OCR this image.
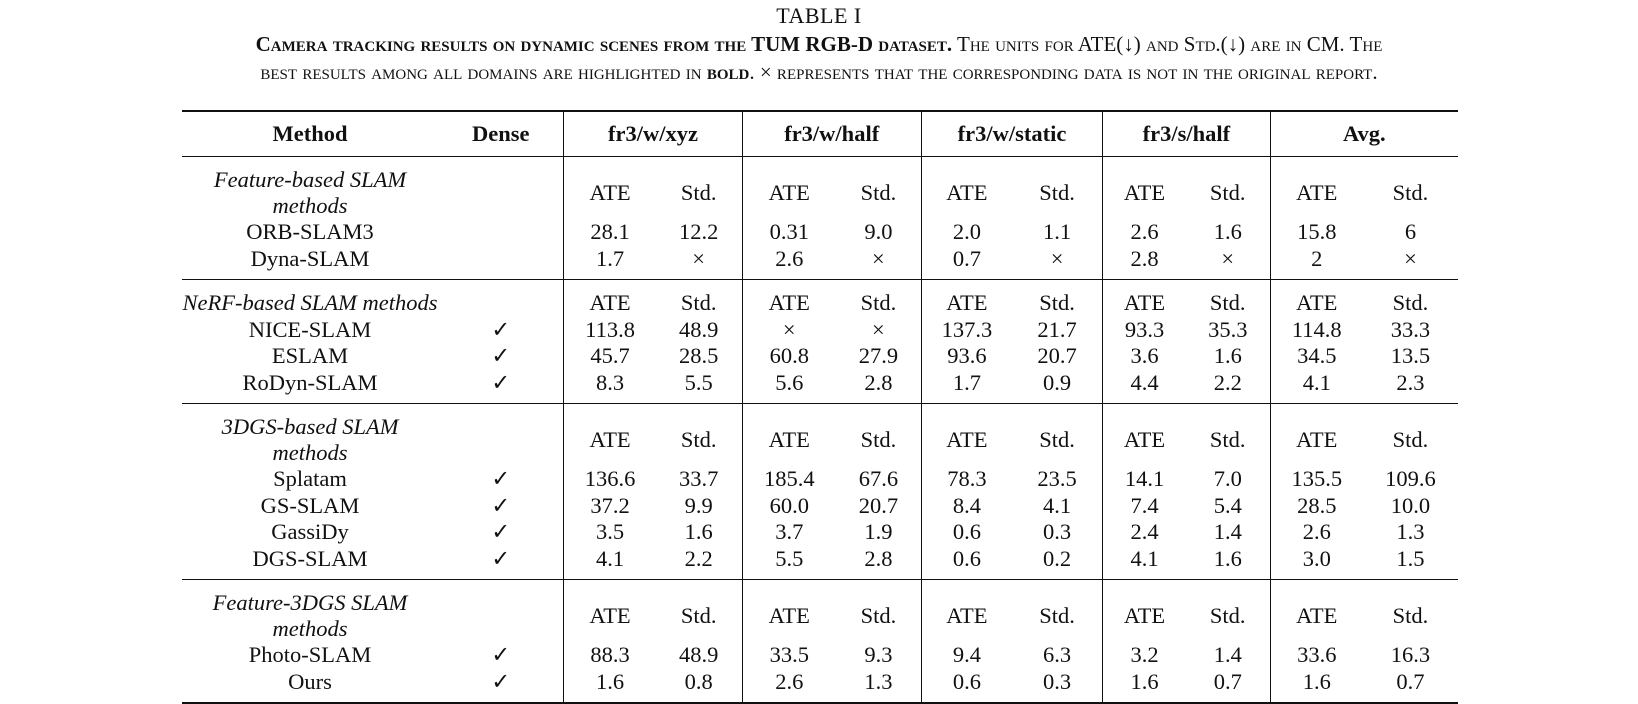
TABLE I
Camera tracking results on dynamic scenes from the TUM RGB-D dataset. The units for ATE(↓) and Std.(↓) are in CM. The
best results among all domains are highlighted in bold. × represents that the corresponding data is not in the original report.
Method	Dense	fr3/w/xyz		fr3/w/half		fr3/w/static		fr3/s/half		Avg.	
Feature-based SLAM methods		ATE	Std.	ATE	Std.	ATE	Std.	ATE	Std.	ATE	Std.
ORB-SLAM3		28.1	12.2	0.31	9.0	2.0	1.1	2.6	1.6	15.8	6
Dyna-SLAM		1.7	×	2.6	×	0.7	×	2.8	×	2	×
NeRF-based SLAM methods		ATE	Std.	ATE	Std.	ATE	Std.	ATE	Std.	ATE	Std.
NICE-SLAM	✓	113.8	48.9	×	×	137.3	21.7	93.3	35.3	114.8	33.3
ESLAM	✓	45.7	28.5	60.8	27.9	93.6	20.7	3.6	1.6	34.5	13.5
RoDyn-SLAM	✓	8.3	5.5	5.6	2.8	1.7	0.9	4.4	2.2	4.1	2.3
3DGS-based SLAM methods		ATE	Std.	ATE	Std.	ATE	Std.	ATE	Std.	ATE	Std.
Splatam	✓	136.6	33.7	185.4	67.6	78.3	23.5	14.1	7.0	135.5	109.6
GS-SLAM	✓	37.2	9.9	60.0	20.7	8.4	4.1	7.4	5.4	28.5	10.0
GassiDy	✓	3.5	1.6	3.7	1.9	0.6	0.3	2.4	1.4	2.6	1.3
DGS-SLAM	✓	4.1	2.2	5.5	2.8	0.6	0.2	4.1	1.6	3.0	1.5
Feature-3DGS SLAM methods		ATE	Std.	ATE	Std.	ATE	Std.	ATE	Std.	ATE	Std.
Photo-SLAM	✓	88.3	48.9	33.5	9.3	9.4	6.3	3.2	1.4	33.6	16.3
Ours	✓	1.6	0.8	2.6	1.3	0.6	0.3	1.6	0.7	1.6	0.7
